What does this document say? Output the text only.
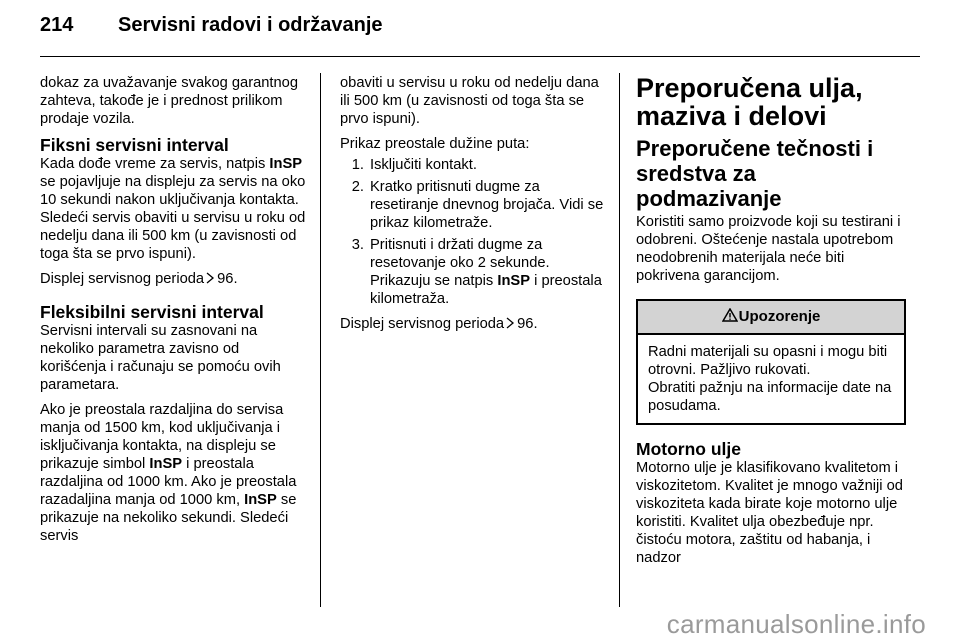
214 Servisni radovi i održavanje

dokaz za uvažavanje svakog garantnog zahteva, takođe je i prednost prilikom prodaje vozila.

Fiksni servisni interval

Kada dođe vreme za servis, natpis InSP se pojavljuje na displeju za servis na oko 10 sekundi nakon uključivanja kontakta. Sledeći servis obaviti u servisu u roku od nedelju dana ili 500 km (u zavisnosti od toga šta se prvo ispuni).

Displej servisnog perioda 96.

Fleksibilni servisni interval

Servisni intervali su zasnovani na nekoliko parametra zavisno od korišćenja i računaju se pomoću ovih parametara.

Ako je preostala razdaljina do servisa manja od 1500 km, kod uključivanja i isključivanja kontakta, na displeju se prikazuje simbol InSP i preostala razdaljina od 1000 km. Ako je preostala razadaljina manja od 1000 km, InSP se prikazuje na nekoliko sekundi. Sledeći servis

obaviti u servisu u roku od nedelju dana ili 500 km (u zavisnosti od toga šta se prvo ispuni).

Prikaz preostale dužine puta:

1. Isključiti kontakt.
2. Kratko pritisnuti dugme za resetiranje dnevnog brojača. Vidi se prikaz kilometraže.
3. Pritisnuti i držati dugme za resetovanje oko 2 sekunde. Prikazuju se natpis InSP i preostala kilometraža.

Displej servisnog perioda 96.

Preporučena ulja, maziva i delovi
Preporučene tečnosti i sredstva za podmazivanje

Koristiti samo proizvode koji su testirani i odobreni. Oštećenje nastala upotrebom neodobrenih materijala neće biti pokrivena garancijom.

Upozorenje

Radni materijali su opasni i mogu biti otrovni. Pažljivo rukovati.

Obratiti pažnju na informacije date na posudama.

Motorno ulje

Motorno ulje je klasifikovano kvalitetom i viskozitetom. Kvalitet je mnogo važniji od viskoziteta kada birate koje motorno ulje koristiti. Kvalitet ulja obezbeđuje npr. čistoću motora, zaštitu od habanja, i nadzor

carmanualsonline.info
